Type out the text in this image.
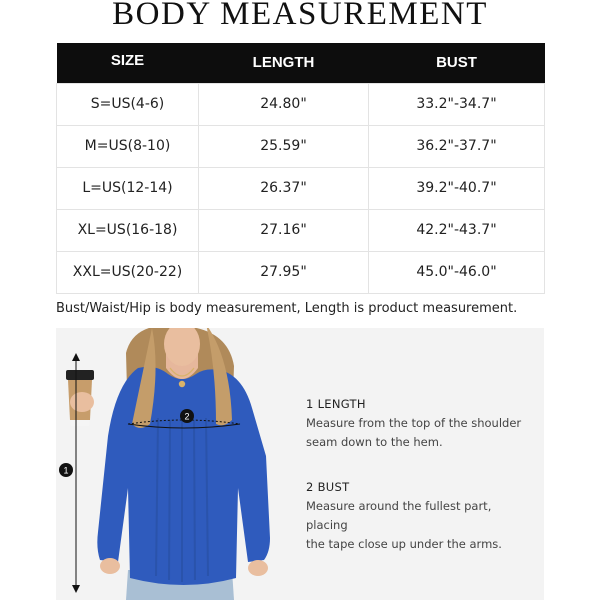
BODY MEASUREMENT
SIZE	LENGTH	BUST
S=US(4-6)	24.80"	33.2"-34.7"
M=US(8-10)	25.59"	36.2"-37.7"
L=US(12-14)	26.37"	39.2"-40.7"
XL=US(16-18)	27.16"	42.2"-43.7"
XXL=US(20-22)	27.95"	45.0"-46.0"
Bust/Waist/Hip is body measurement, Length is product measurement.
1
2
1 LENGTH
Measure from the top of the shoulder
seam down to the hem.
2 BUST
Measure around the fullest part, placing
the tape close up under the arms.
